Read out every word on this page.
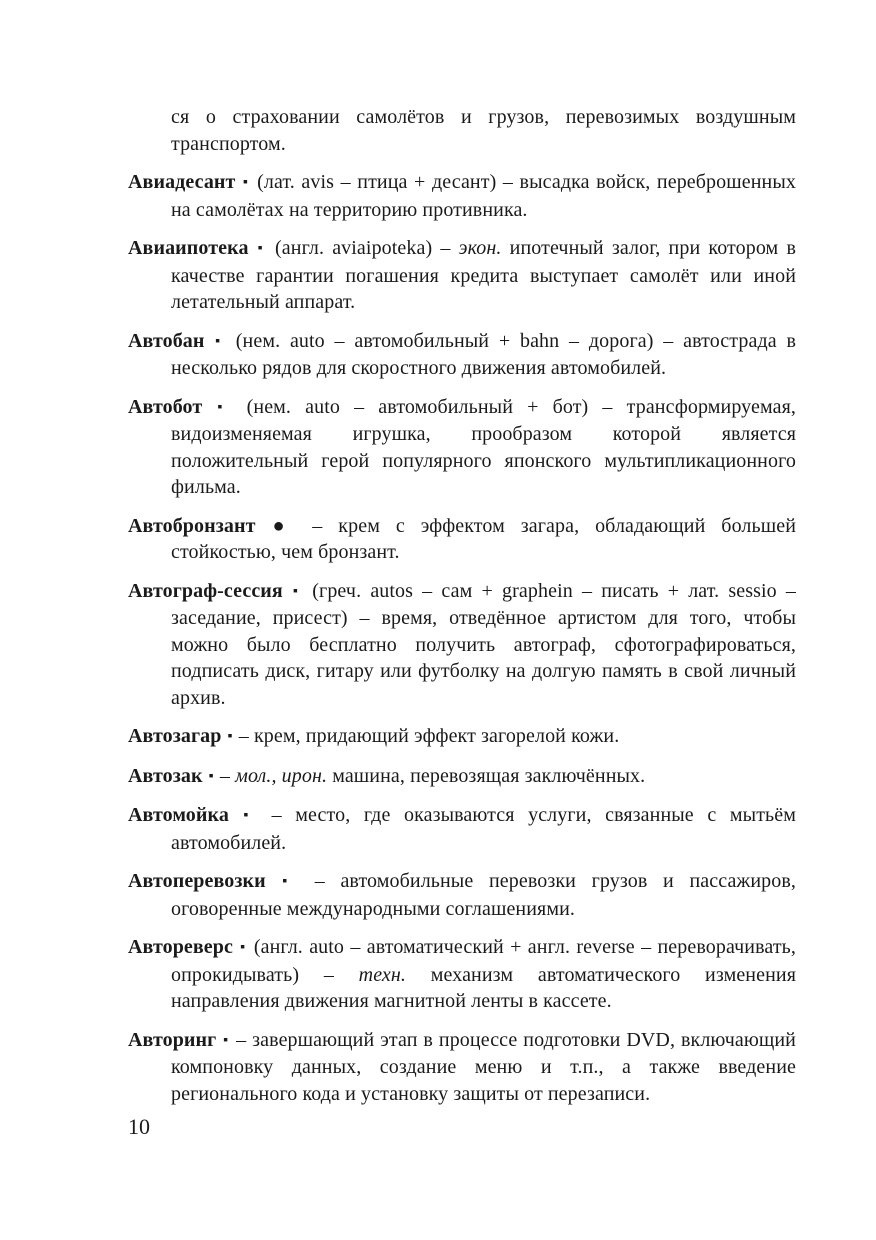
ся о страховании самолётов и грузов, перевозимых воздушным транспортом.

Авиадесант ▪ (лат. avis – птица + десант) – высадка войск, переброшенных на самолётах на территорию противника.

Авиаипотека ▪ (англ. aviaipoteka) – экон. ипотечный залог, при котором в качестве гарантии погашения кредита выступает самолёт или иной летательный аппарат.

Автобан ▪ (нем. auto – автомобильный + bahn – дорога) – автострада в несколько рядов для скоростного движения автомобилей.

Автобот ▪ (нем. auto – автомобильный + бот) – трансформируемая, видоизменяемая игрушка, прообразом которой является положительный герой популярного японского мультипликационного фильма.

Автобронзант ● – крем с эффектом загара, обладающий большей стойкостью, чем бронзант.

Автограф-сессия ▪ (греч. autos – сам + graphein – писать + лат. sessio – заседание, присест) – время, отведённое артистом для того, чтобы можно было бесплатно получить автограф, сфотографироваться, подписать диск, гитару или футболку на долгую память в свой личный архив.

Автозагар ▪ – крем, придающий эффект загорелой кожи.

Автозак ▪ – мол., ирон. машина, перевозящая заключённых.

Автомойка ▪ – место, где оказываются услуги, связанные с мытьём автомобилей.

Автоперевозки ▪ – автомобильные перевозки грузов и пассажиров, оговоренные международными соглашениями.

Автореверс ▪ (англ. auto – автоматический + англ. reverse – переворачивать, опрокидывать) – техн. механизм автоматического изменения направления движения магнитной ленты в кассете.

Авторинг ▪ – завершающий этап в процессе подготовки DVD, включающий компоновку данных, создание меню и т.п., а также введение регионального кода и установку защиты от перезаписи.

10
